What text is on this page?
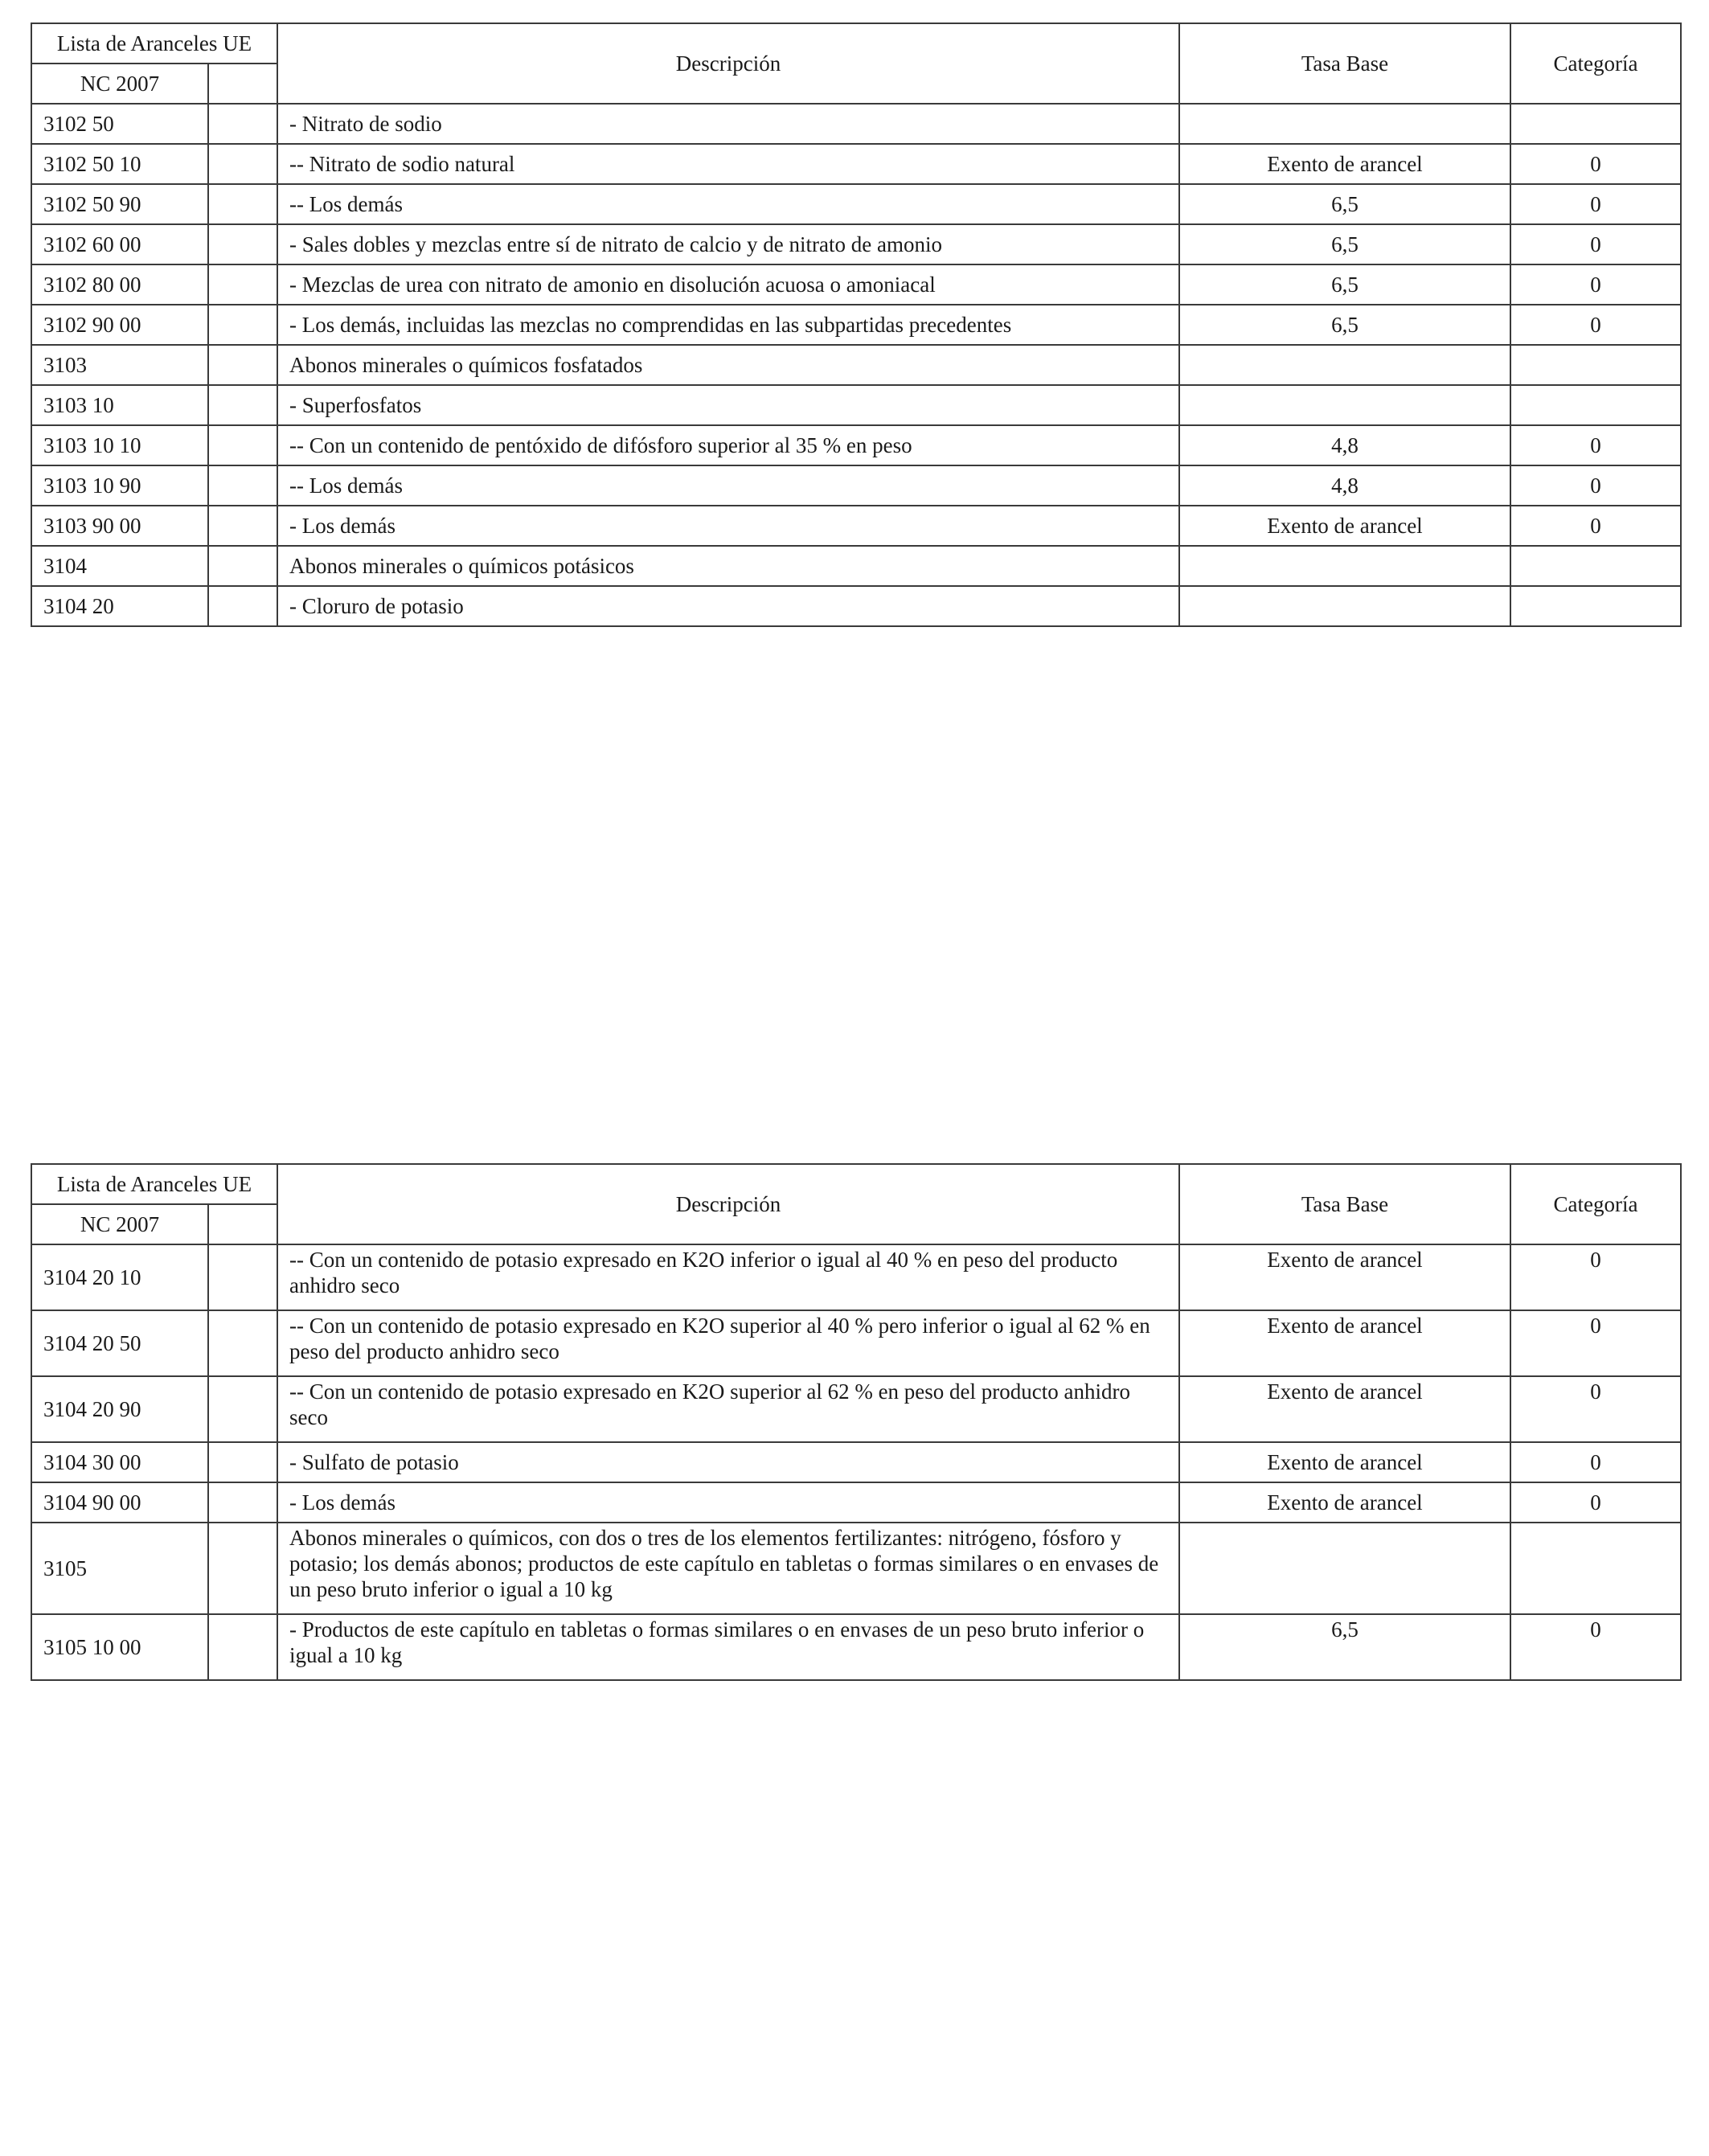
Lista de Aranceles UE		Descripción	Tasa Base	Categoría
NC 2007				
3102 50		- Nitrato de sodio		
3102 50 10		-- Nitrato de sodio natural	Exento de arancel	0
3102 50 90		-- Los demás	6,5	0
3102 60 00		- Sales dobles y mezclas entre sí de nitrato de calcio y de nitrato de amonio	6,5	0
3102 80 00		- Mezclas de urea con nitrato de amonio en disolución acuosa o amoniacal	6,5	0
3102 90 00		- Los demás, incluidas las mezclas no comprendidas en las subpartidas precedentes	6,5	0
3103		Abonos minerales o químicos fosfatados		
3103 10		- Superfosfatos		
3103 10 10		-- Con un contenido de pentóxido de difósforo superior al 35 % en peso	4,8	0
3103 10 90		-- Los demás	4,8	0
3103 90 00		- Los demás	Exento de arancel	0
3104		Abonos minerales o químicos potásicos		
3104 20		- Cloruro de potasio		
Lista de Aranceles UE		Descripción	Tasa Base	Categoría
NC 2007				
3104 20 10		-- Con un contenido de potasio expresado en K2O inferior o igual al 40 % en peso del producto anhidro seco	Exento de arancel	0
3104 20 50		-- Con un contenido de potasio expresado en K2O superior al 40 % pero inferior o igual al 62 % en peso del producto anhidro seco	Exento de arancel	0
3104 20 90		-- Con un contenido de potasio expresado en K2O superior al 62 % en peso del producto anhidro seco	Exento de arancel	0
3104 30 00		- Sulfato de potasio	Exento de arancel	0
3104 90 00		- Los demás	Exento de arancel	0
3105		Abonos minerales o químicos, con dos o tres de los elementos fertilizantes: nitrógeno, fósforo y potasio; los demás abonos; productos de este capítulo en tabletas o formas similares o en envases de un peso bruto inferior o igual a 10 kg		
3105 10 00		- Productos de este capítulo en tabletas o formas similares o en envases de un peso bruto inferior o igual a 10 kg	6,5	0
